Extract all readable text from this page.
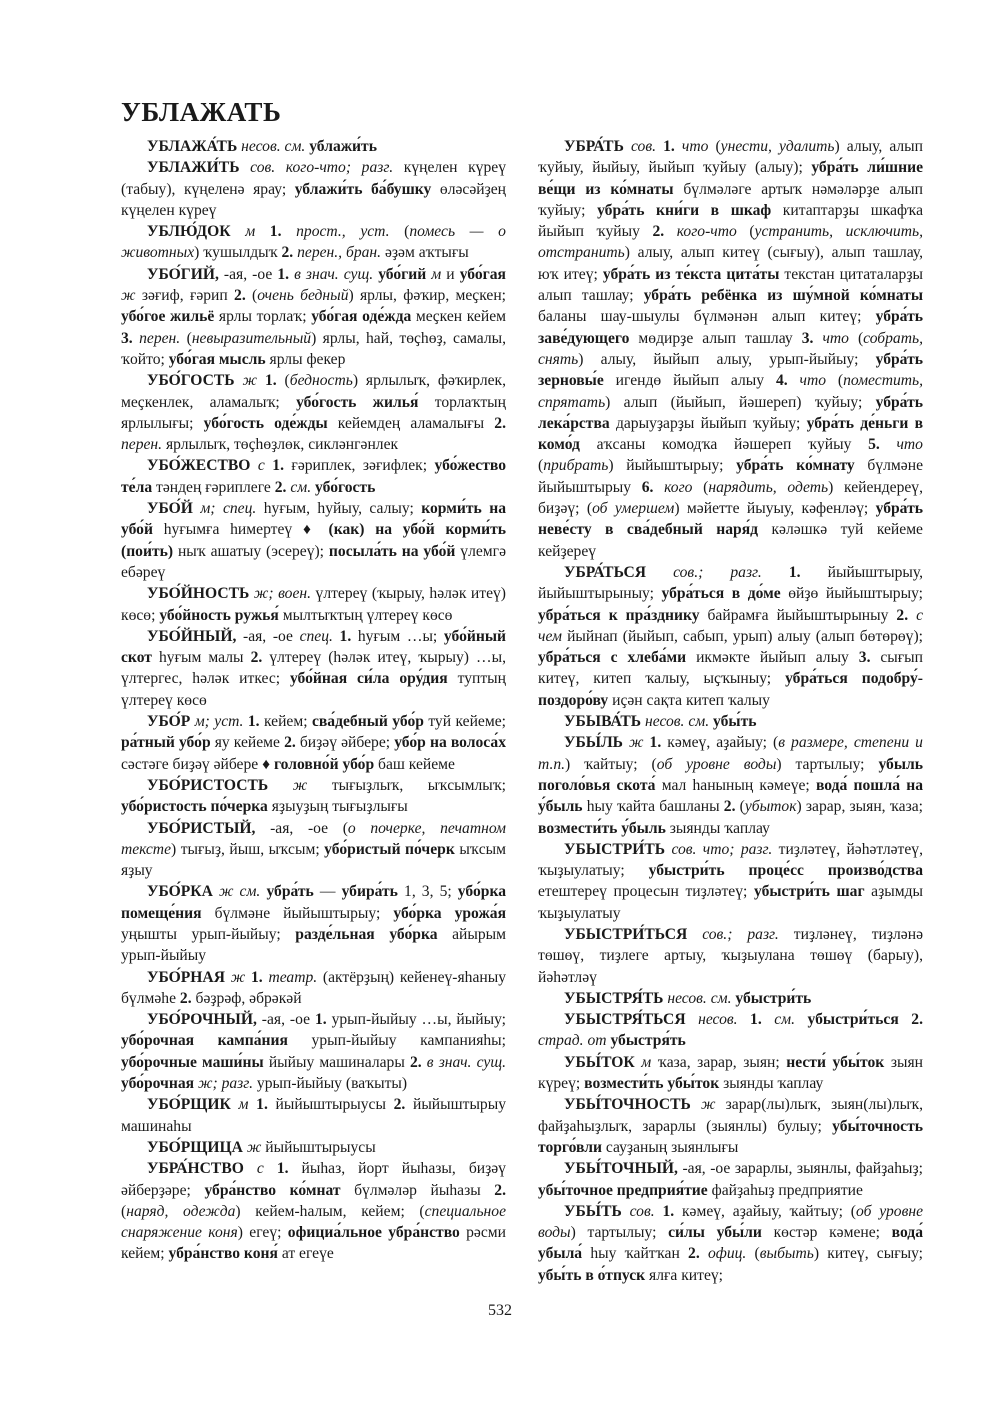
УБЛАЖАТЬ

УБЛАЖА́ТЬ несов. см. ублажи́ть

УБЛАЖИ́ТЬ сов. кого-что; разг. күңелен күреү (табыу), күңеленә ярау; ублажи́ть ба́бушку өләсәйҙең күңелен күреү

УБЛЮ́ДОК м 1. прост., уст. (помесь — о животных) ҡушылдыҡ 2. перен., бран. әҙәм аҡтығы

УБО́ГИЙ, -ая, -ое 1. в знач. сущ. убо́гий м и убо́гая ж зәғиф, ғәрип 2. (очень бедный) ярлы, фәҡир, меҫкен; убо́гое жильё ярлы торлаҡ; убо́гая оде́жда меҫкен кейем 3. перен. (невыразительный) ярлы, һай, төҫһөҙ, самалы, ҡойто; убо́гая мысль ярлы фекер

УБО́ГОСТЬ ж 1. (бедность) ярлылыҡ, фәҡирлек, меҫкенлек, аламалыҡ; убо́гость жилья́ торлаҡтың ярлылығы; убо́гость оде́жды кейемдең аламалығы 2. перен. ярлылыҡ, төҫһөҙлөк, сикләнгәнлек

УБО́ЖЕСТВО с 1. ғәриплек, зәғифлек; убо́жество те́ла тәндең ғәриплеге 2. см. убо́гость

УБО́Й м; спец. һуғым, һуйыу, салыу; корми́ть на убо́й һуғымға һимертеү ♦ (как) на убо́й корми́ть (пои́ть) ныҡ ашатыу (эсереү); посыла́ть на убо́й үлемгә ебәреү

УБО́ЙНОСТЬ ж; воен. үлтереү (ҡырыу, һәләк итеү) көсө; убо́йность ружья́ мылтыҡтың үлтереү көсө

УБО́ЙНЫЙ, -ая, -ое спец. 1. һуғым …ы; убо́йный скот һуғым малы 2. үлтереү (һәләк итеү, ҡырыу) …ы, үлтергес, һәләк иткес; убо́йная си́ла ору́дия туптың үлтереү көсө

УБО́Р м; уст. 1. кейем; сва́дебный убо́р туй кейеме; ра́тный убо́р яу кейеме 2. биҙәү әйбере; убо́р на волоса́х сәстәге биҙәү әйбере ♦ головно́й убо́р баш кейеме

УБО́РИСТОСТЬ ж тығыҙлыҡ, ыҡсымлыҡ; убо́ристость по́черка яҙыуҙың тығыҙлығы

УБО́РИСТЫЙ, -ая, -ое (о почерке, печатном тексте) тығыҙ, йыш, ыҡсым; убо́ристый по́черк ыҡсым яҙыу

УБО́РКА ж см. убра́ть — убира́ть 1, 3, 5; убо́рка помеще́ния бүлмәне йыйыштырыу; убо́рка урожа́я уңышты урып-йыйыу; разде́льная убо́рка айырым урып-йыйыу

УБО́РНАЯ ж 1. театр. (актёрҙың) кейенеү-яһаныу бүлмәһе 2. бәҙрәф, әбрәкәй

УБО́РОЧНЫЙ, -ая, -ое 1. урып-йыйыу …ы, йыйыу; убо́рочная кампа́ния урып-йыйыу кампанияһы; убо́рочные маши́ны йыйыу машиналары 2. в знач. сущ. убо́рочная ж; разг. урып-йыйыу (ваҡыты)

УБО́РЩИК м 1. йыйыштырыусы 2. йыйыштырыу машинаһы

УБО́РЩИЦА ж йыйыштырыусы

УБРА́НСТВО с 1. йыһаз, йорт йыһазы, биҙәү әйберҙәре; убра́нство ко́мнат бүлмәләр йыһазы 2. (наряд, одежда) кейем-һалым, кейем; (специальное снаряжение коня) егеү; официа́льное убра́нство рәсми кейем; убра́нство коня́ ат егеүе

УБРА́ТЬ сов. 1. что (унести, удалить) алыу, алып ҡуйыу, йыйыу, йыйып ҡуйыу (алыу); убра́ть ли́шние ве́щи из ко́мнаты бүлмәләге артыҡ нәмәләрҙе алып ҡуйыу; убра́ть кни́ги в шкаф китаптарҙы шкафҡа йыйып ҡуйыу 2. кого-что (устранить, исключить, отстранить) алыу, алып китеү (сығыу), алып ташлау, юҡ итеү; убра́ть из те́кста цита́ты текстан цитаталарҙы алып ташлау; убра́ть ребёнка из шу́мной ко́мнаты баланы шау-шыулы бүлмәнән алып китеү; убра́ть заве́дующего мөдирҙе алып ташлау 3. что (собрать, снять) алыу, йыйып алыу, урып-йыйыу; убра́ть зерновы́е игендө йыйып алыу 4. что (поместить, спрятать) алып (йыйып, йәшереп) ҡуйыу; убра́ть лека́рства дарыуҙарҙы йыйып ҡуйыу; убра́ть де́ньги в комо́д аҡсаны комодҡа йәшереп ҡуйыу 5. что (прибрать) йыйыштырыу; убра́ть ко́мнату бүлмәне йыйыштырыу 6. кого (нарядить, одеть) кейендереү, биҙәү; (об умершем) мәйетте йыуыу, кәфенләү; убра́ть неве́сту в сва́дебный наря́д кәләшкә туй кейеме кейҙереү

УБРА́ТЬСЯ сов.; разг. 1. йыйыштырыу, йыйыштырыныу; убра́ться в до́ме өйҙө йыйыштырыу; убра́ться к пра́зднику байрамға йыйыштырыныу 2. с чем йыйнап (йыйып, сабып, урып) алыу (алып бөтөрөү); убра́ться с хлеба́ми икмәкте йыйып алыу 3. сығып китеү, китеп ҡалыу, ыҫҡыныу; убра́ться подобру́-поздоро́ву иҫән сақта китеп ҡалыу

УБЫВА́ТЬ несов. см. убы́ть

УБЫ́ЛЬ ж 1. кәмеү, аҙайыу; (в размере, степени и т.п.) ҡайтыу; (об уровне воды) тартылыу; убыль поголо́вья скота́ мал һанының кәмеүе; вода́ пошла́ на у́быль һыу ҡайта башланы 2. (убыток) зарар, зыян, ҡаза; возмести́ть у́быль зыянды ҡаплау

УБЫСТРИ́ТЬ сов. что; разг. тиҙләтеү, йәһәтләтеү, ҡыҙыулатыу; убыстри́ть проце́сс произво́дства етештереү процесын тиҙләтеү; убыстри́ть шаг аҙымды ҡыҙыулатыу

УБЫСТРИ́ТЬСЯ сов.; разг. тиҙләнеү, тиҙләнә төшөү, тиҙлеге артыу, ҡыҙыулана төшөү (барыу), йәһәтләү

УБЫСТРЯ́ТЬ несов. см. убыстри́ть

УБЫСТРЯ́ТЬСЯ несов. 1. см. убыстри́ться 2. страд. от убыстря́ть

УБЫ́ТОК м ҡаза, зарар, зыян; нести́ убы́ток зыян күреү; возмести́ть убы́ток зыянды ҡаплау

УБЫ́ТОЧНОСТЬ ж зарар(лы)лыҡ, зыян(лы)лыҡ, файҙаһыҙлыҡ, зарарлы (зыянлы) булыу; убы́точность торго́вли сауҙаның зыянлығы

УБЫ́ТОЧНЫЙ, -ая, -ое зарарлы, зыянлы, файҙаһыҙ; убы́точное предприя́тие файҙаһыҙ предприятие

УБЫ́ТЬ сов. 1. кәмеү, аҙайыу, ҡайтыу; (об уровне воды) тартылыу; си́лы убы́ли көстәр кәмене; вода́ убыла́ һыу ҡайтҡан 2. офиц. (выбыть) китеү, сығыу; убы́ть в о́тпуск ялға китеү;

532
